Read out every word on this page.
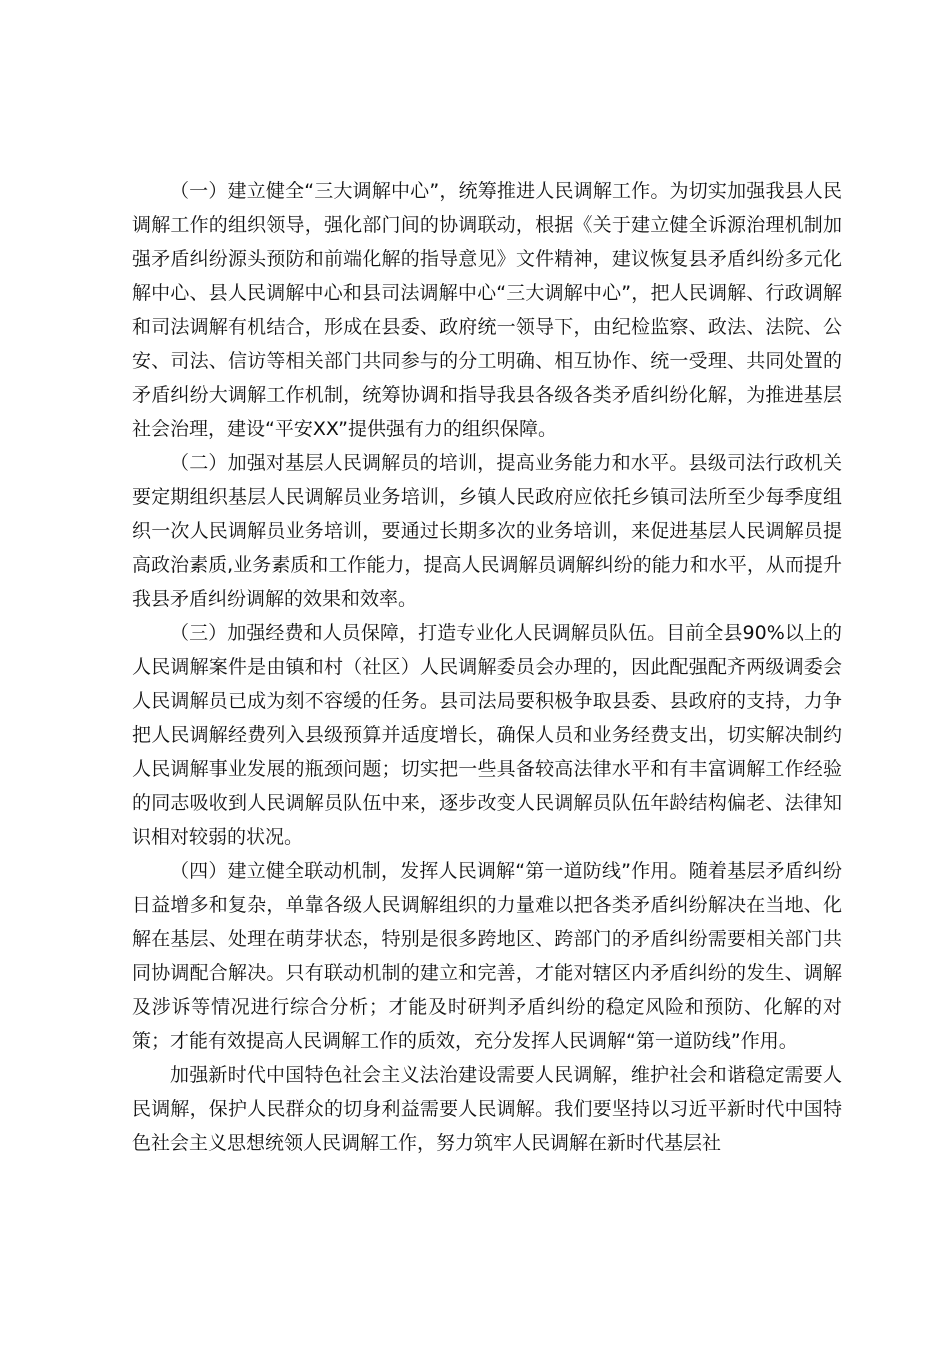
（一）建立健全“三大调解中心”，统筹推进人民调解工作。为切实加强我县人民调解工作的组织领导，强化部门间的协调联动，根据《关于建立健全诉源治理机制加强矛盾纠纷源头预防和前端化解的指导意见》文件精神，建议恢复县矛盾纠纷多元化解中心、县人民调解中心和县司法调解中心“三大调解中心”，把人民调解、行政调解和司法调解有机结合，形成在县委、政府统一领导下，由纪检监察、政法、法院、公安、司法、信访等相关部门共同参与的分工明确、相互协作、统一受理、共同处置的矛盾纠纷大调解工作机制，统筹协调和指导我县各级各类矛盾纠纷化解，为推进基层社会治理，建设“平安XX”提供强有力的组织保障。

（二）加强对基层人民调解员的培训，提高业务能力和水平。县级司法行政机关要定期组织基层人民调解员业务培训，乡镇人民政府应依托乡镇司法所至少每季度组织一次人民调解员业务培训，要通过长期多次的业务培训，来促进基层人民调解员提高政治素质,业务素质和工作能力，提高人民调解员调解纠纷的能力和水平，从而提升我县矛盾纠纷调解的效果和效率。

（三）加强经费和人员保障，打造专业化人民调解员队伍。目前全县90%以上的人民调解案件是由镇和村（社区）人民调解委员会办理的，因此配强配齐两级调委会人民调解员已成为刻不容缓的任务。县司法局要积极争取县委、县政府的支持，力争把人民调解经费列入县级预算并适度增长，确保人员和业务经费支出，切实解决制约人民调解事业发展的瓶颈问题；切实把一些具备较高法律水平和有丰富调解工作经验的同志吸收到人民调解员队伍中来，逐步改变人民调解员队伍年龄结构偏老、法律知识相对较弱的状况。

（四）建立健全联动机制，发挥人民调解“第一道防线”作用。随着基层矛盾纠纷日益增多和复杂，单靠各级人民调解组织的力量难以把各类矛盾纠纷解决在当地、化解在基层、处理在萌芽状态，特别是很多跨地区、跨部门的矛盾纠纷需要相关部门共同协调配合解决。只有联动机制的建立和完善，才能对辖区内矛盾纠纷的发生、调解及涉诉等情况进行综合分析；才能及时研判矛盾纠纷的稳定风险和预防、化解的对策；才能有效提高人民调解工作的质效，充分发挥人民调解“第一道防线”作用。

加强新时代中国特色社会主义法治建设需要人民调解，维护社会和谐稳定需要人民调解，保护人民群众的切身利益需要人民调解。我们要坚持以习近平新时代中国特色社会主义思想统领人民调解工作，努力筑牢人民调解在新时代基层社
